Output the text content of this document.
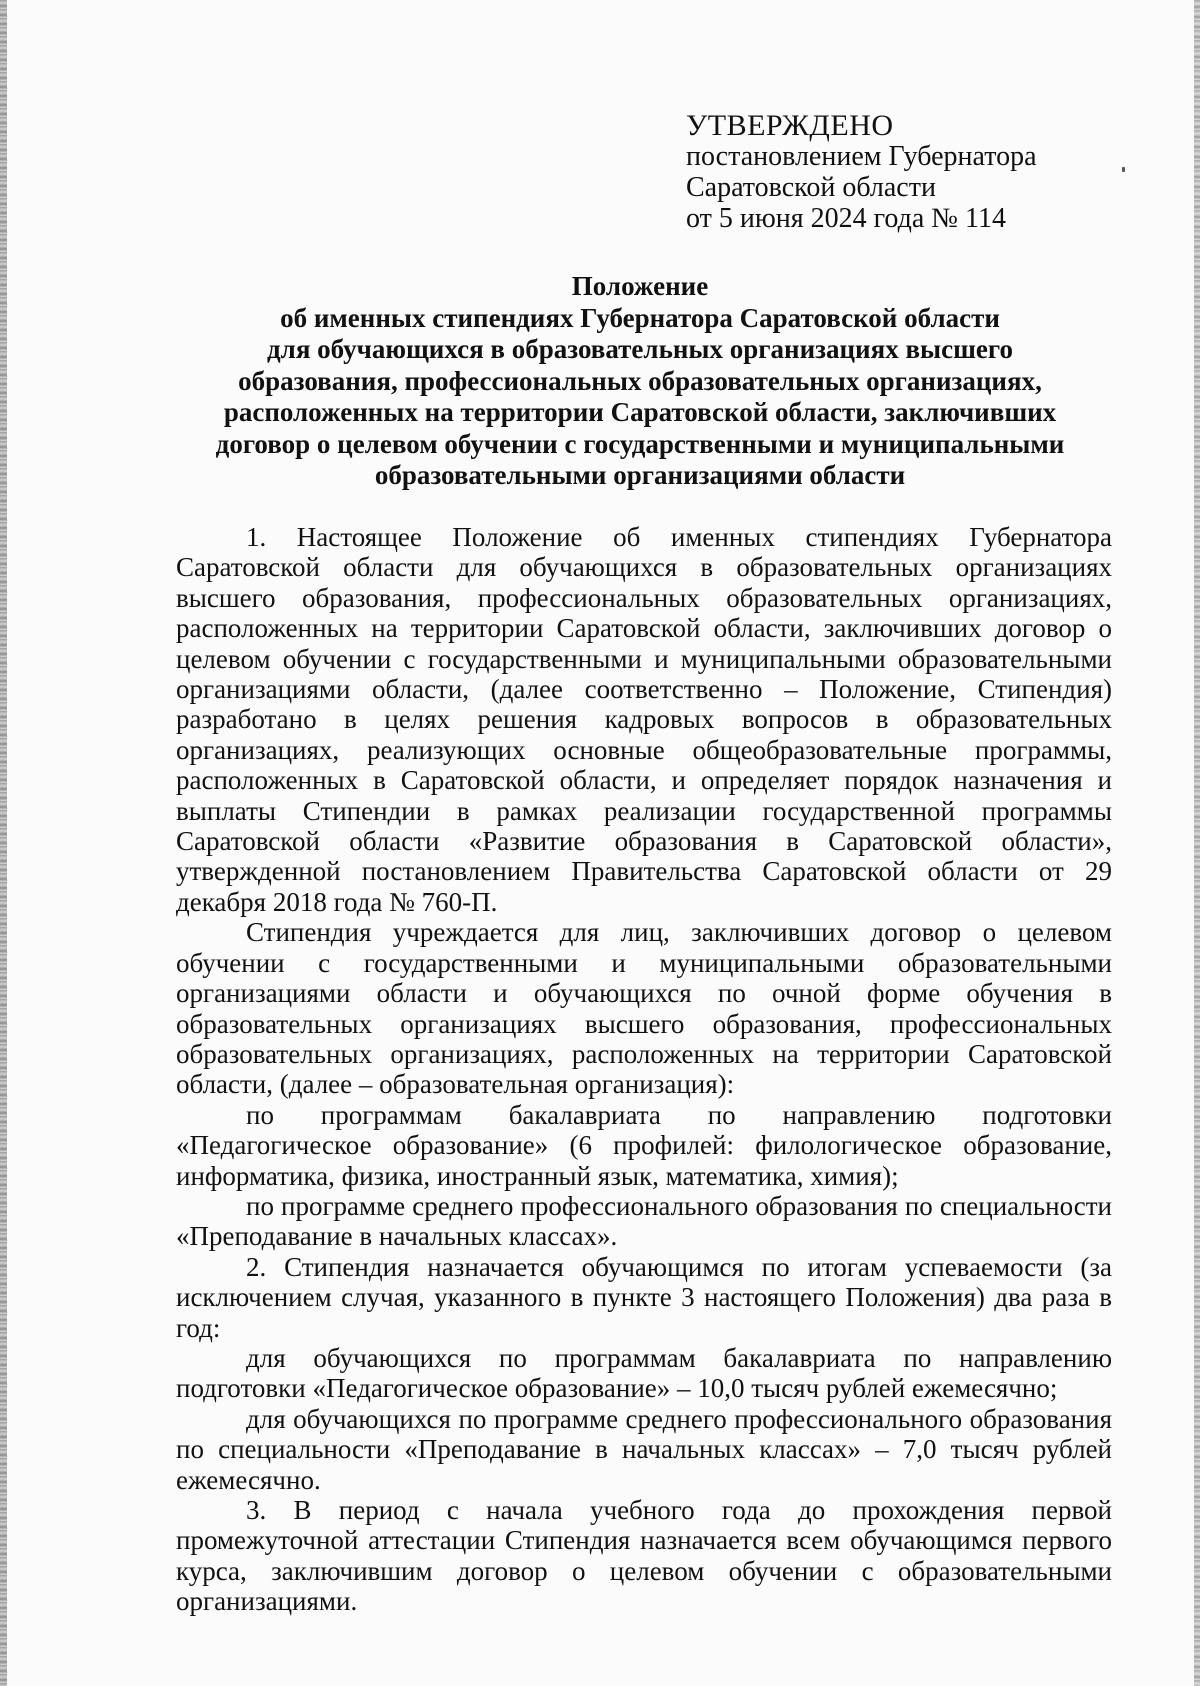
УТВЕРЖДЕНО
постановлением Губернатора
Саратовской области
от 5 июня 2024 года № 114
Положение
об именных стипендиях Губернатора Саратовской области
для обучающихся в образовательных организациях высшего
образования, профессиональных образовательных организациях,
расположенных на территории Саратовской области, заключивших
договор о целевом обучении с государственными и муниципальными
образовательными организациями области

1. Настоящее Положение об именных стипендиях Губернатора Саратовской области для обучающихся в образовательных организациях высшего образования, профессиональных образовательных организациях, расположенных на территории Саратовской области, заключивших договор о целевом обучении с государственными и муниципальными образовательными организациями области, (далее соответственно – Положение, Стипендия) разработано в целях решения кадровых вопросов в образовательных организациях, реализующих основные общеобразовательные программы, расположенных в Саратовской области, и определяет порядок назначения и выплаты Стипендии в рамках реализации государственной программы Саратовской области «Развитие образования в Саратовской области», утвержденной постановлением Правительства Саратовской области от 29 декабря 2018 года № 760-П.

Стипендия учреждается для лиц, заключивших договор о целевом обучении с государственными и муниципальными образовательными организациями области и обучающихся по очной форме обучения в образовательных организациях высшего образования, профессиональных образовательных организациях, расположенных на территории Саратовской области, (далее – образовательная организация):

по программам бакалавриата по направлению подготовки «Педагогическое образование» (6 профилей: филологическое образование, информатика, физика, иностранный язык, математика, химия);

по программе среднего профессионального образования по специальности «Преподавание в начальных классах».

2. Стипендия назначается обучающимся по итогам успеваемости (за исключением случая, указанного в пункте 3 настоящего Положения) два раза в год:

для обучающихся по программам бакалавриата по направлению подготовки «Педагогическое образование» – 10,0 тысяч рублей ежемесячно;

для обучающихся по программе среднего профессионального образования по специальности «Преподавание в начальных классах» – 7,0 тысяч рублей ежемесячно.

3. В период с начала учебного года до прохождения первой промежуточной аттестации Стипендия назначается всем обучающимся первого курса, заключившим договор о целевом обучении с образовательными организациями.
